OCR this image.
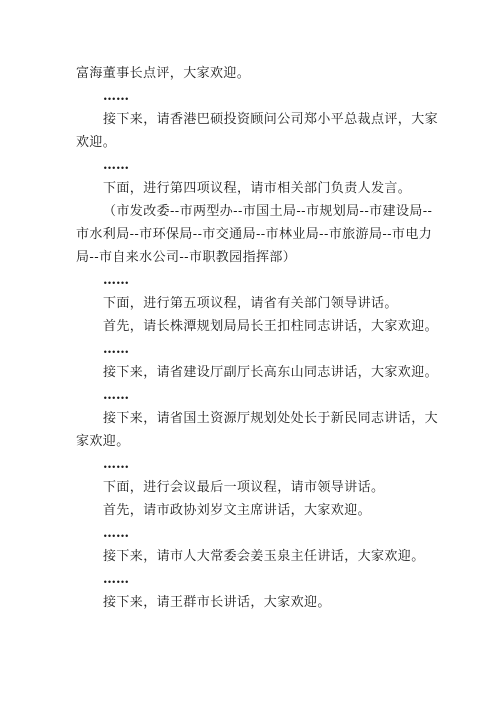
富海董事长点评，大家欢迎。

……

接下来，请香港巴硕投资顾问公司郑小平总裁点评，大家欢迎。

……

下面，进行第四项议程，请市相关部门负责人发言。

（市发改委--市两型办--市国土局--市规划局--市建设局--市水利局--市环保局--市交通局--市林业局--市旅游局--市电力局--市自来水公司--市职教园指挥部）

……

下面，进行第五项议程，请省有关部门领导讲话。

首先，请长株潭规划局局长王扣柱同志讲话，大家欢迎。

……

接下来，请省建设厅副厅长高东山同志讲话，大家欢迎。

……

接下来，请省国土资源厅规划处处长于新民同志讲话，大家欢迎。

……

下面，进行会议最后一项议程，请市领导讲话。

首先，请市政协刘岁文主席讲话，大家欢迎。

……

接下来，请市人大常委会姜玉泉主任讲话，大家欢迎。

……

接下来，请王群市长讲话，大家欢迎。
